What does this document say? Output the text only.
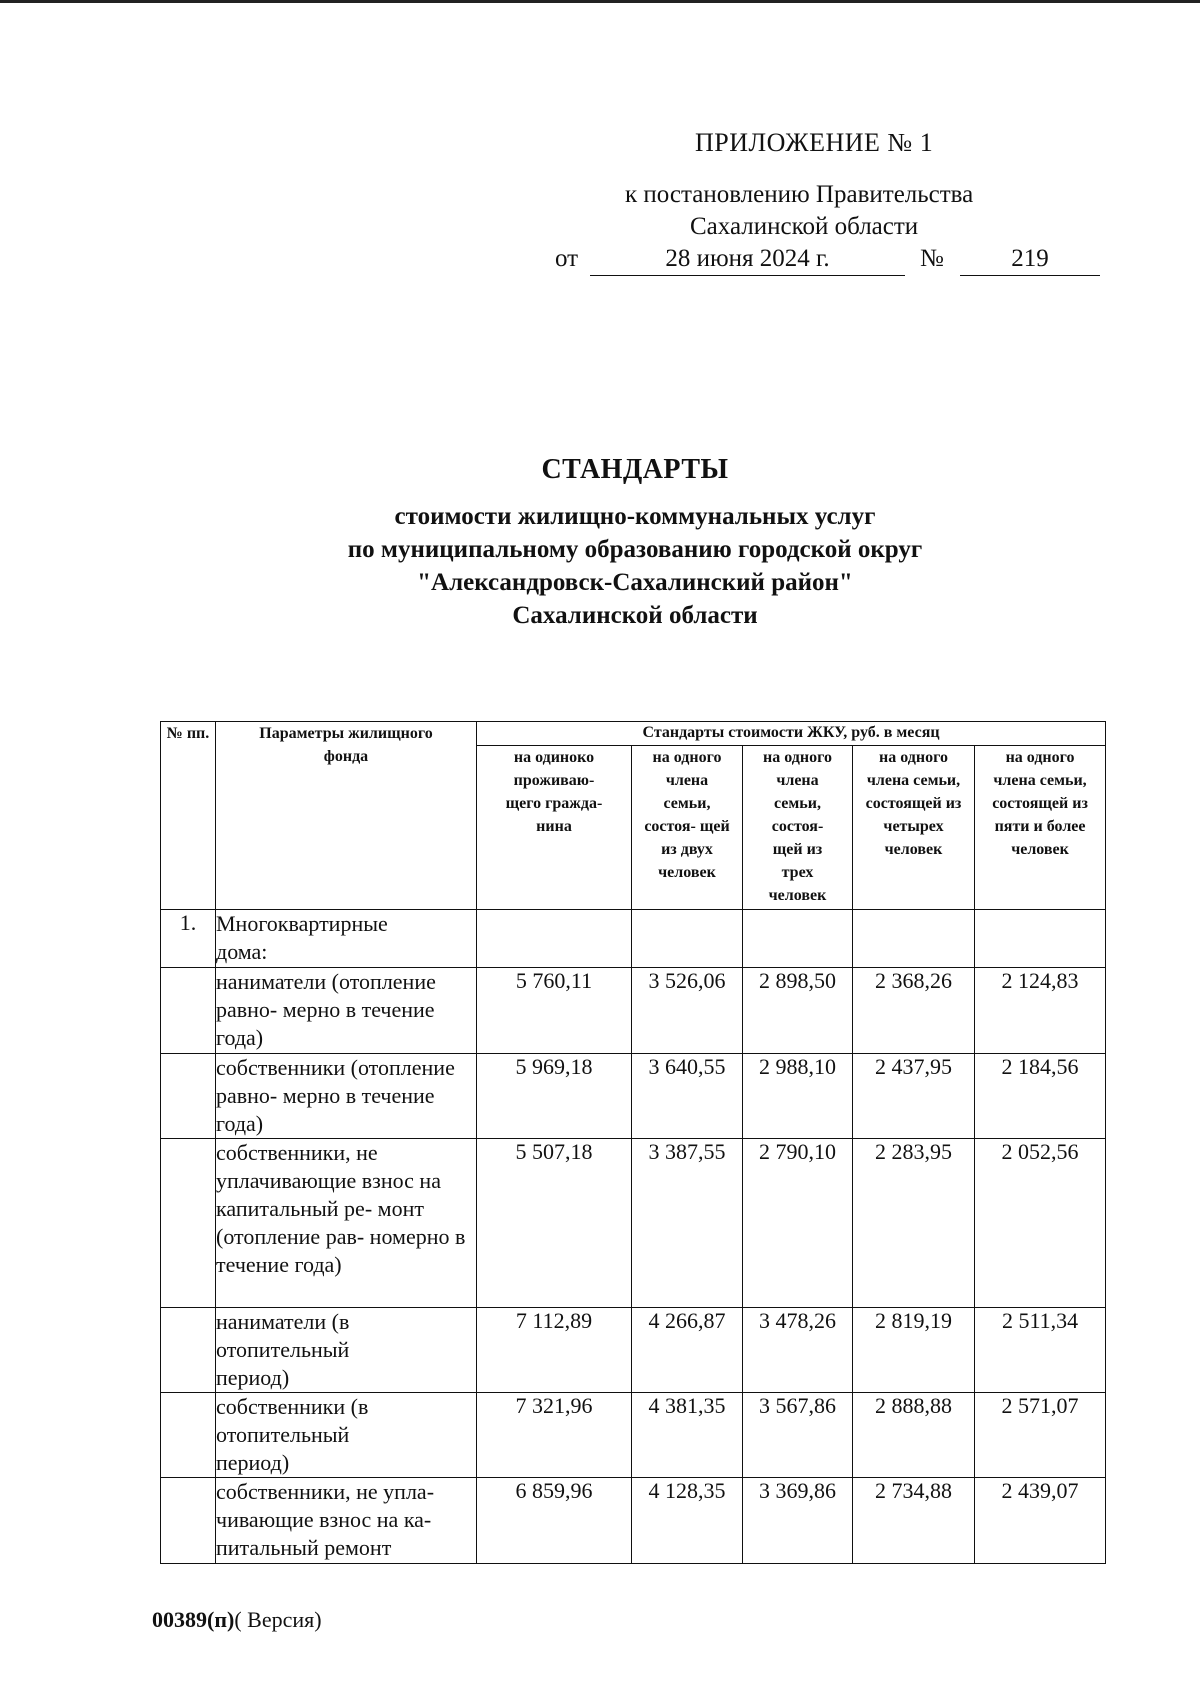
ПРИЛОЖЕНИЕ № 1
к постановлению Правительства
Сахалинской области
от	28 июня 2024 г.	№	219
СТАНДАРТЫ
стоимости жилищно-коммунальных услуг
по муниципальному образованию городской округ
"Александровск-Сахалинский район"
Сахалинской области
№ пп.	Параметры жилищного фонда	Стандарты стоимости ЖКУ, руб. в месяц				
		на одиноко проживаю- щего гражда- нина	на одного члена семьи, состоя- щей из двух человек	на одного члена семьи, состоя- щей из трех человек	на одного члена семьи, состоящей из четырех человек	на одного члена семьи, состоящей из пяти и более человек
1.	Многоквартирные дома:					
	наниматели (отопление равно- мерно в течение года)	5 760,11	3 526,06	2 898,50	2 368,26	2 124,83
	собственники (отопление равно- мерно в течение года)	5 969,18	3 640,55	2 988,10	2 437,95	2 184,56
	собственники, не уплачивающие взнос на капитальный ре- монт (отопление рав- номерно в течение года)	5 507,18	3 387,55	2 790,10	2 283,95	2 052,56
	наниматели (в отопительный период)	7 112,89	4 266,87	3 478,26	2 819,19	2 511,34
	собственники (в отопительный период)	7 321,96	4 381,35	3 567,86	2 888,88	2 571,07
	собственники, не упла- чивающие взнос на ка- питальный ремонт	6 859,96	4 128,35	3 369,86	2 734,88	2 439,07
00389(п)( Версия)
